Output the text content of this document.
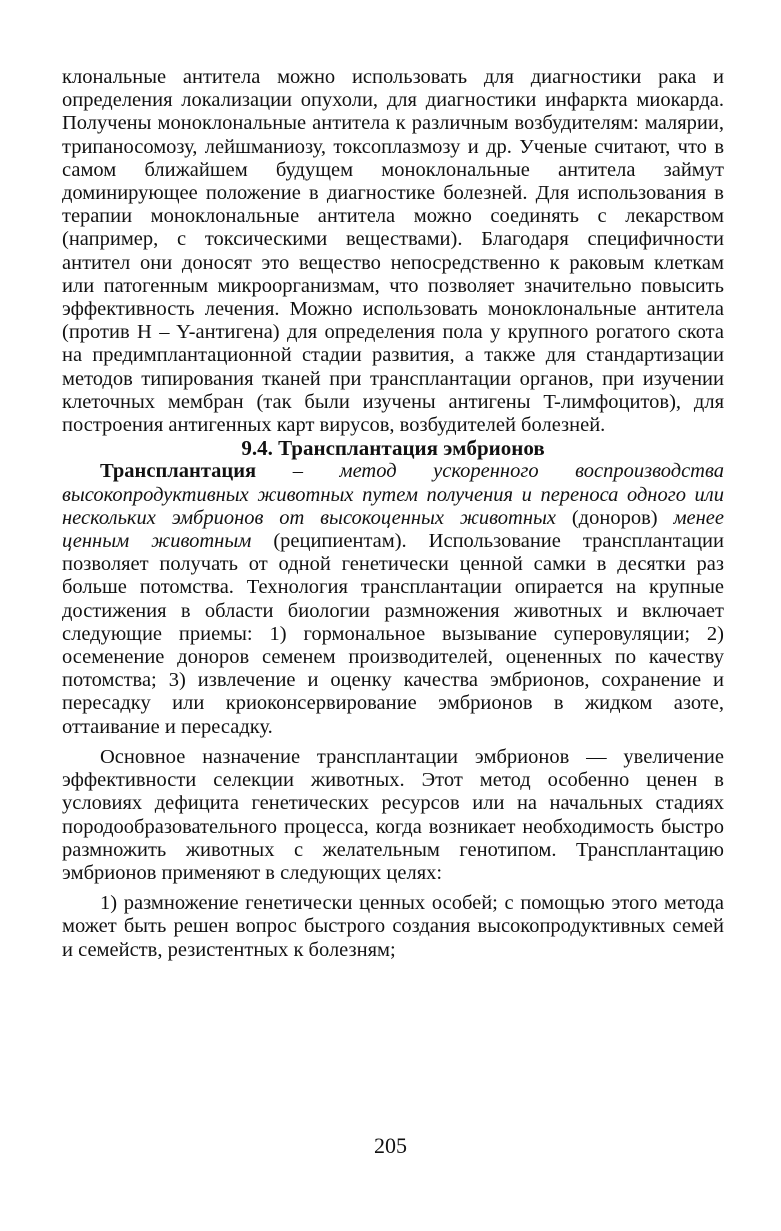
клональные антитела можно использовать для диагностики рака и определения локализации опухоли, для диагностики инфаркта миокарда. Получены моноклональные антитела к различным возбудителям: малярии, трипаносомозу, лейшманиозу, токсоплазмозу и др. Ученые считают, что в самом ближайшем будущем моноклональные антитела займут доминирующее положение в диагностике болезней. Для использования в терапии моноклональные антитела можно соединять с лекарством (например, с токсическими веществами). Благодаря специфичности антител они доносят это вещество непосредственно к раковым клеткам или патогенным микроорганизмам, что позволяет значительно повысить эффективность лечения. Можно использовать моноклональные антитела (против H – Y-антигена) для определения пола у крупного рогатого скота на предимплантационной стадии развития, а также для стандартизации методов типирования тканей при трансплантации органов, при изучении клеточных мембран (так были изучены антигены T-лимфоцитов), для построения антигенных карт вирусов, возбудителей болезней.

9.4. Трансплантация эмбрионов

Трансплантация – метод ускоренного воспроизводства высокопродуктивных животных путем получения и переноса одного или нескольких эмбрионов от высокоценных животных (доноров) менее ценным животным (реципиентам). Использование трансплантации позволяет получать от одной генетически ценной самки в десятки раз больше потомства. Технология трансплантации опирается на крупные достижения в области биологии размножения животных и включает следующие приемы: 1) гормональное вызывание суперовуляции; 2) осеменение доноров семенем производителей, оцененных по качеству потомства; 3) извлечение и оценку качества эмбрионов, сохранение и пересадку или криоконсервирование эмбрионов в жидком азоте, оттаивание и пересадку.

Основное назначение трансплантации эмбрионов — увеличение эффективности селекции животных. Этот метод особенно ценен в условиях дефицита генетических ресурсов или на начальных стадиях породообразовательного процесса, когда возникает необходимость быстро размножить животных с желательным генотипом. Трансплантацию эмбрионов применяют в следующих целях:

1) размножение генетически ценных особей; с помощью этого метода может быть решен вопрос быстрого создания высокопродуктивных семей и семейств, резистентных к болезням;

205
